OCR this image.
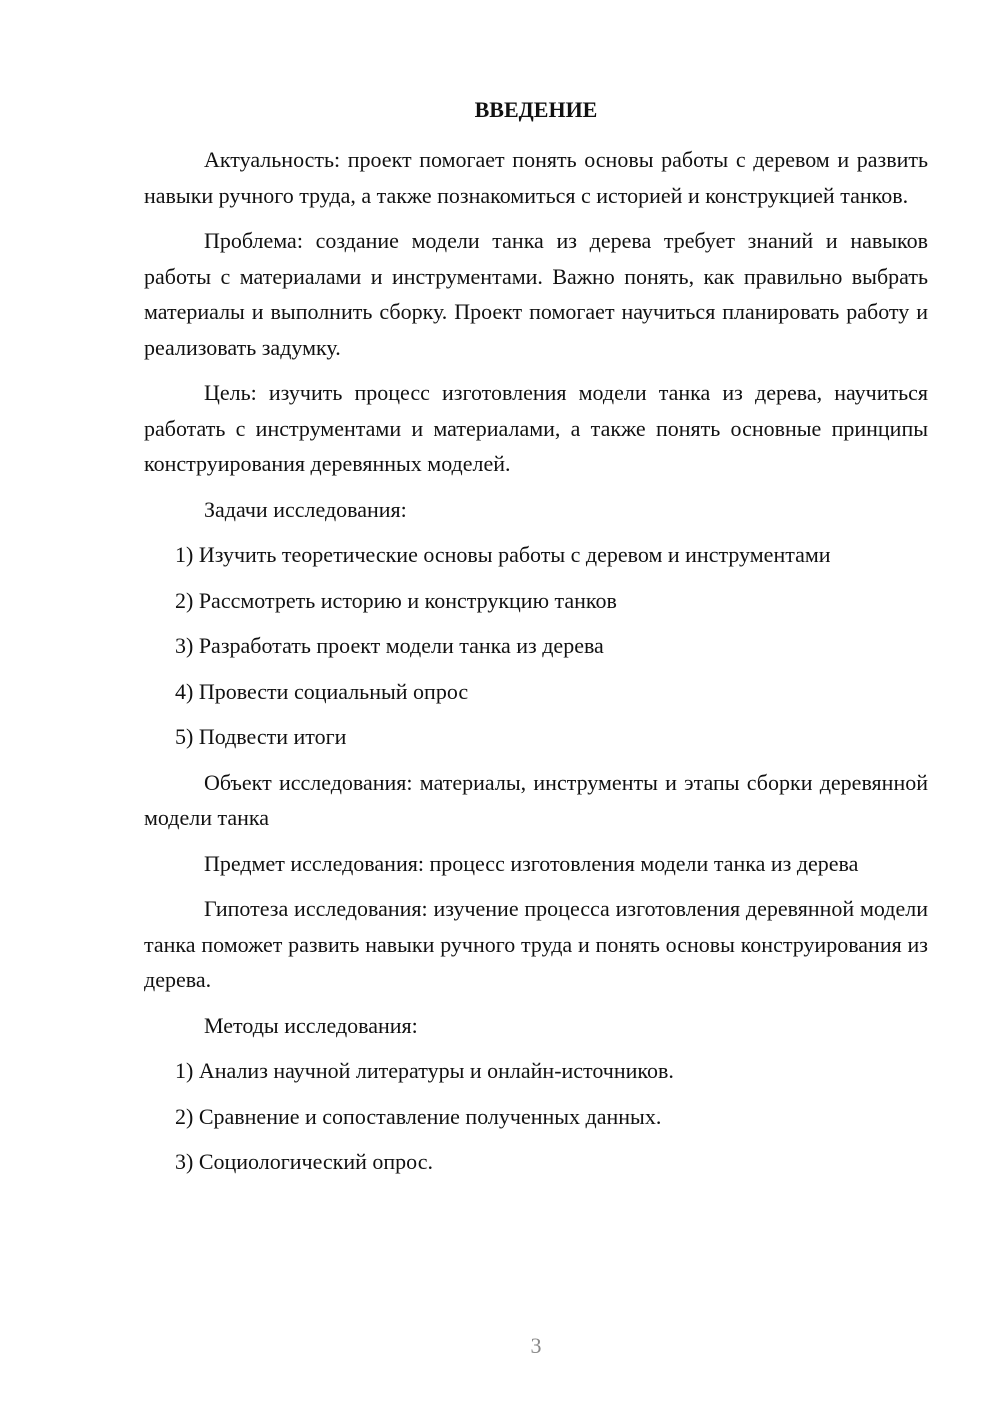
ВВЕДЕНИЕ

Актуальность: проект помогает понять основы работы с деревом и развить навыки ручного труда, а также познакомиться с историей и конструкцией танков.

Проблема: создание модели танка из дерева требует знаний и навыков работы с материалами и инструментами. Важно понять, как правильно выбрать материалы и выполнить сборку. Проект помогает научиться планировать работу и реализовать задумку.

Цель: изучить процесс изготовления модели танка из дерева, научиться работать с инструментами и материалами, а также понять основные принципы конструирования деревянных моделей.

Задачи исследования:

1) Изучить теоретические основы работы с деревом и инструментами

2) Рассмотреть историю и конструкцию танков

3) Разработать проект модели танка из дерева

4) Провести социальный опрос

5) Подвести итоги

Объект исследования: материалы, инструменты и этапы сборки деревянной модели танка

Предмет исследования: процесс изготовления модели танка из дерева

Гипотеза исследования: изучение процесса изготовления деревянной модели танка поможет развить навыки ручного труда и понять основы конструирования из дерева.

Методы исследования:

1) Анализ научной литературы и онлайн-источников.

2) Сравнение и сопоставление полученных данных.

3) Социологический опрос.

3
